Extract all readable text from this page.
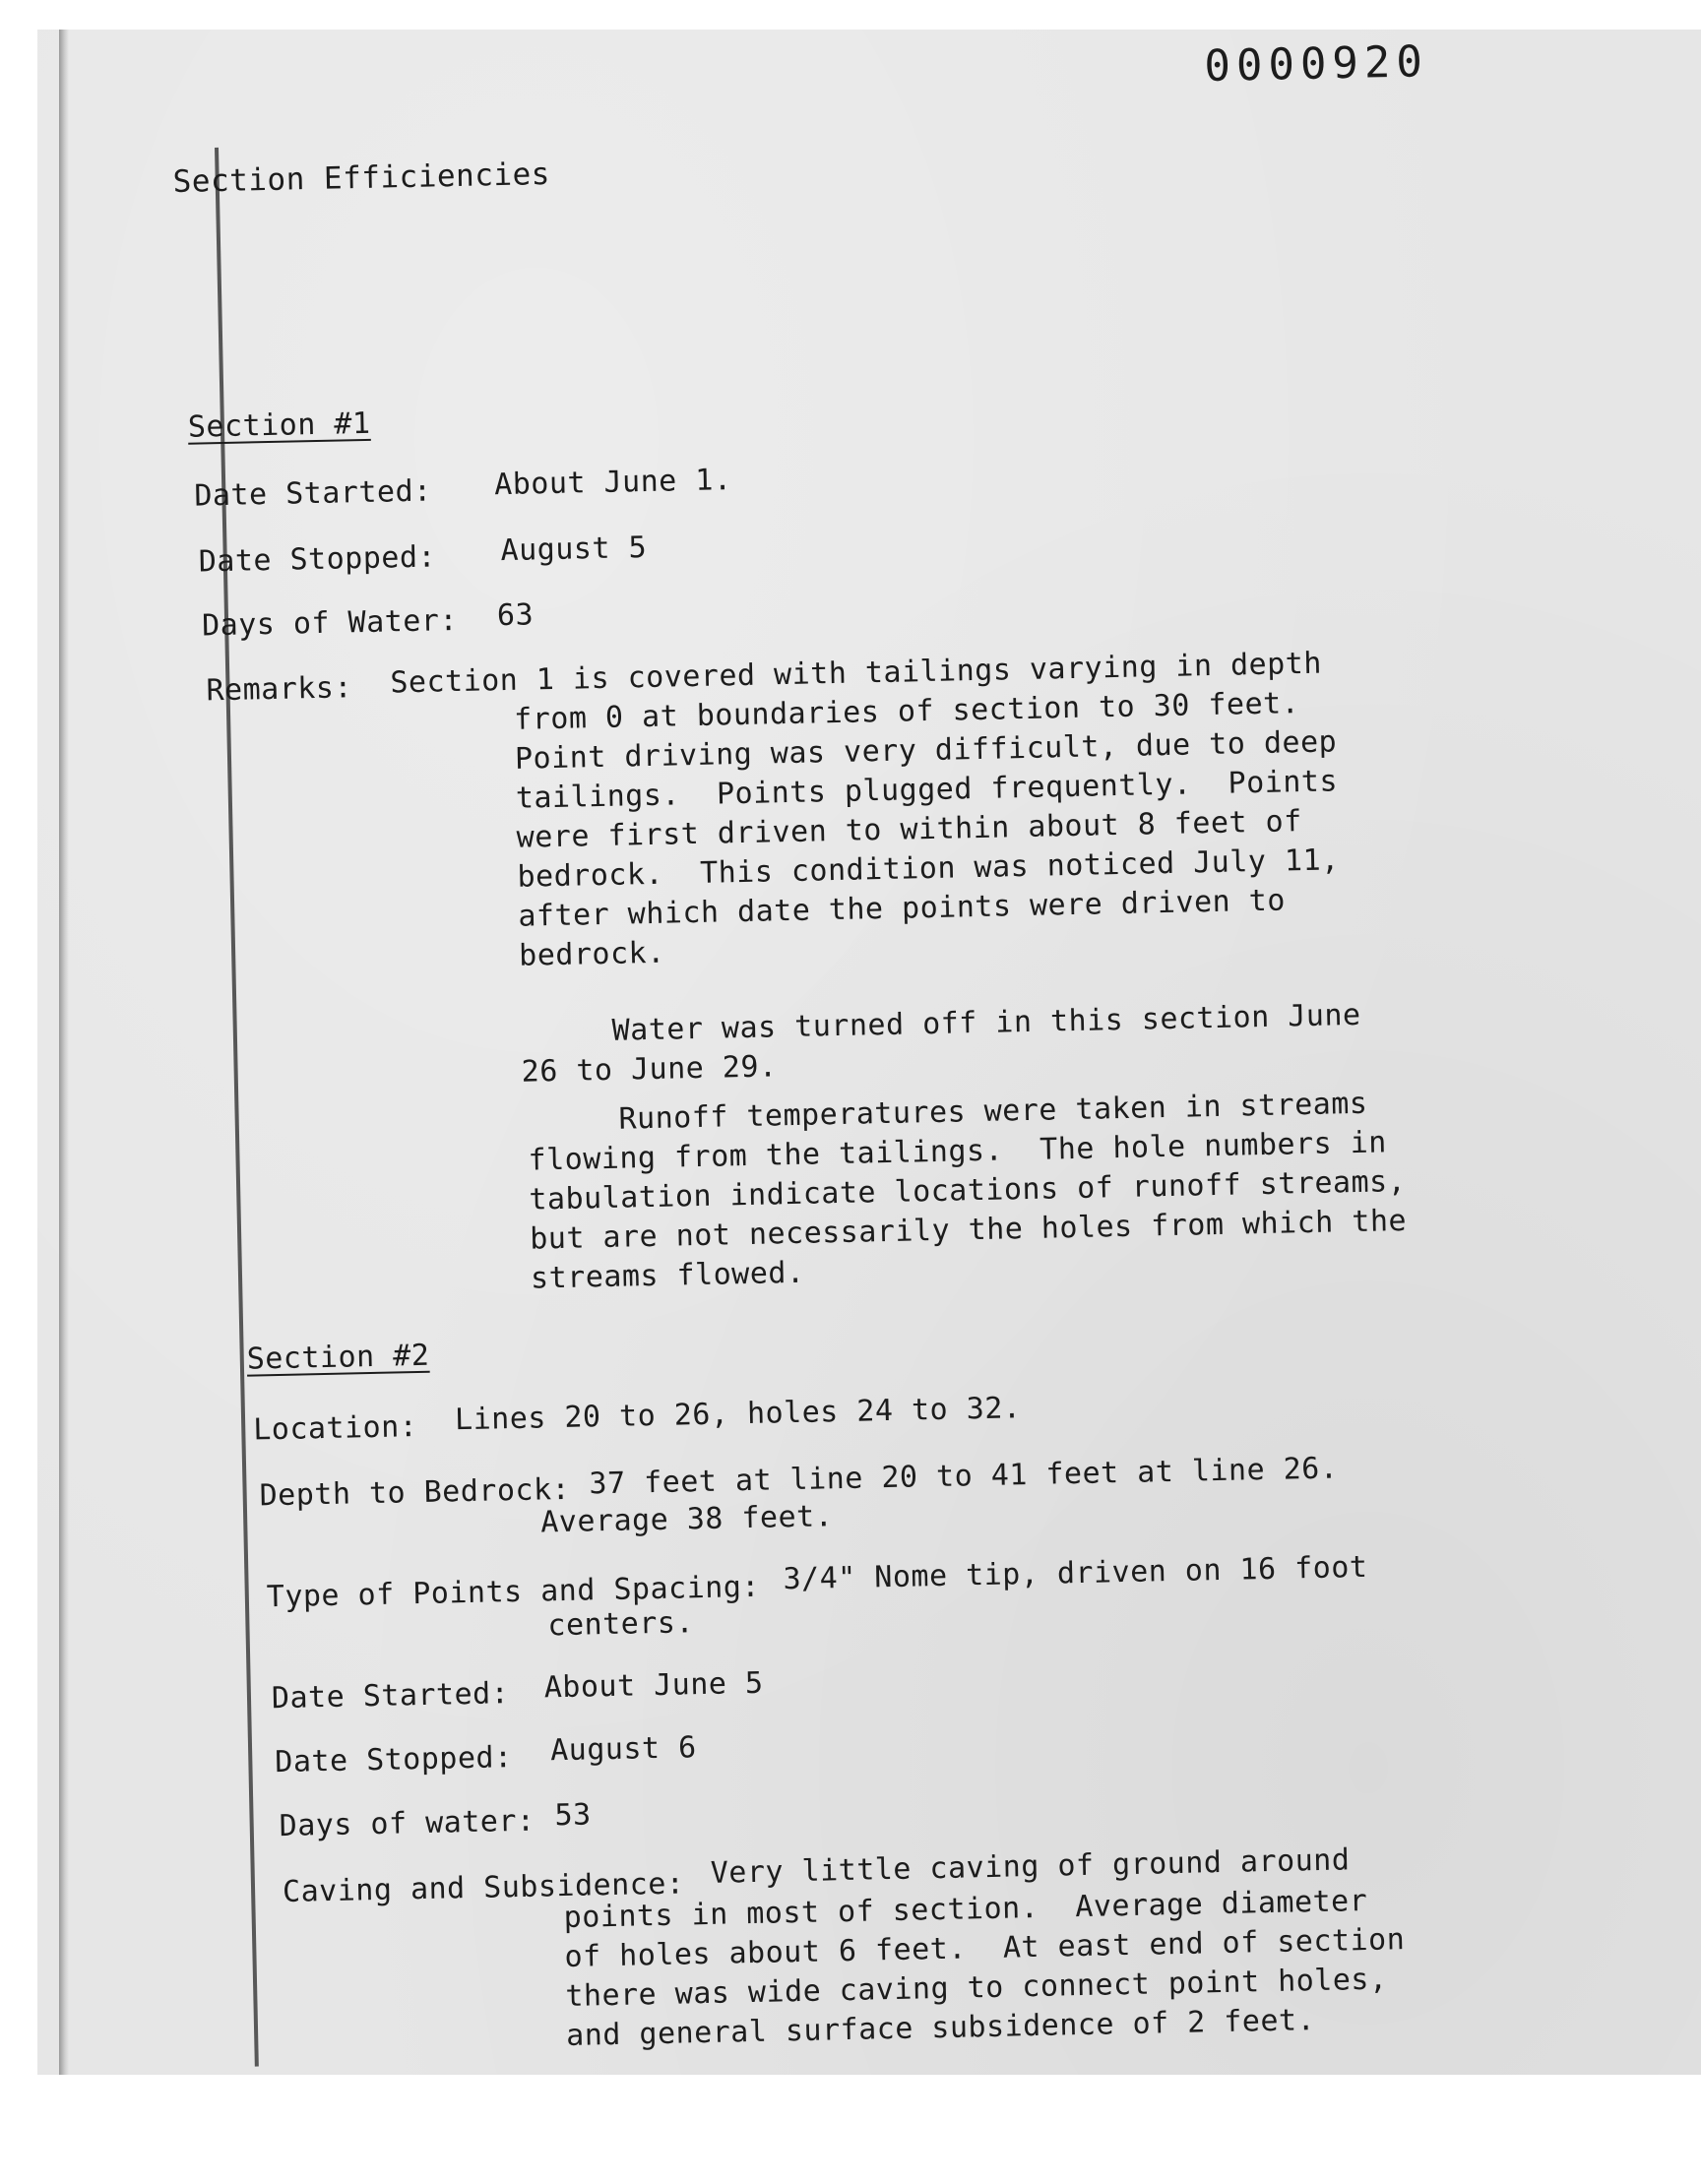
0000920

Section Efficiencies

Section #1

Date Started: About June 1.

Date Stopped: August 5

Days of Water: 63

Remarks: Section 1 is covered with tailings varying in depth
from 0 at boundaries of section to 30 feet.
Point driving was very difficult, due to deep
tailings.  Points plugged frequently.  Points
were first driven to within about 8 feet of
bedrock.  This condition was noticed July 11,
after which date the points were driven to
bedrock.
Water was turned off in this section June
26 to June 29.
Runoff temperatures were taken in streams
flowing from the tailings.  The hole numbers in
tabulation indicate locations of runoff streams,
but are not necessarily the holes from which the
streams flowed.

Section #2

Location: Lines 20 to 26, holes 24 to 32.

Depth to Bedrock: 37 feet at line 20 to 41 feet at line 26.

Average 38 feet.

Type of Points and Spacing: 3/4" Nome tip, driven on 16 foot

centers.

Date Started: About June 5

Date Stopped: August 6

Days of water: 53

Caving and Subsidence: Very little caving of ground around

points in most of section.  Average diameter
of holes about 6 feet.  At east end of section
there was wide caving to connect point holes,
and general surface subsidence of 2 feet.
